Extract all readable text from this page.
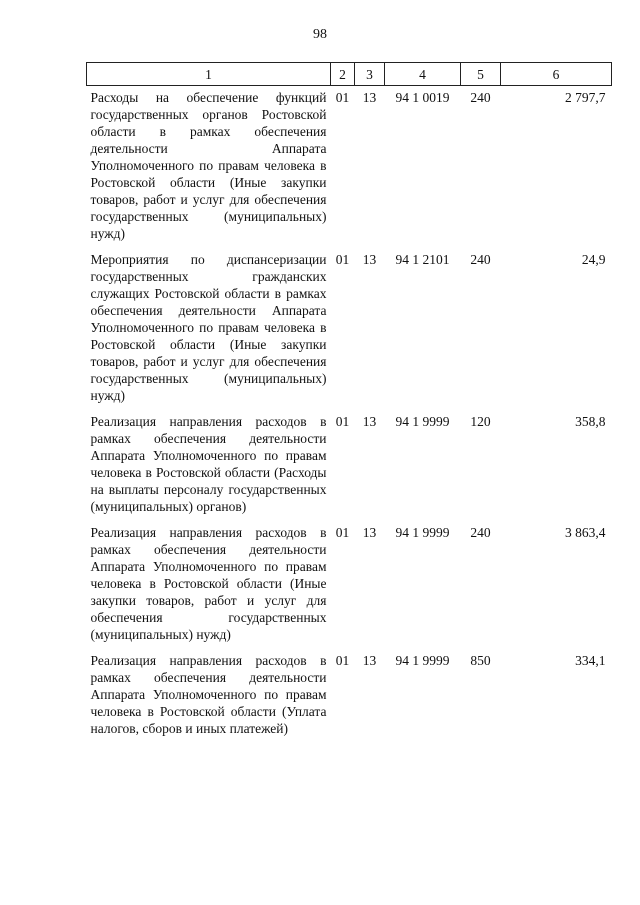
98
1	2	3	4	5	6
Расходы на обеспечение функций государственных органов Ростовской области в рамках обеспечения деятельности Аппарата Уполномоченного по правам человека в Ростовской области (Иные закупки товаров, работ и услуг для обеспечения государственных (муниципальных) нужд)	01	13	94 1 0019	240	2 797,7
Мероприятия по диспансеризации государственных гражданских служащих Ростовской области в рамках обеспечения деятельности Аппарата Уполномоченного по правам человека в Ростовской области (Иные закупки товаров, работ и услуг для обеспечения государственных (муниципальных) нужд)	01	13	94 1 2101	240	24,9
Реализация направления расходов в рамках обеспечения деятельности Аппарата Уполномоченного по правам человека в Ростовской области (Расходы на выплаты персоналу государственных (муниципальных) органов)	01	13	94 1 9999	120	358,8
Реализация направления расходов в рамках обеспечения деятельности Аппарата Уполномоченного по правам человека в Ростовской области (Иные закупки товаров, работ и услуг для обеспечения государственных (муниципальных) нужд)	01	13	94 1 9999	240	3 863,4
Реализация направления расходов в рамках обеспечения деятельности Аппарата Уполномоченного по правам человека в Ростовской области (Уплата налогов, сборов и иных платежей)	01	13	94 1 9999	850	334,1
